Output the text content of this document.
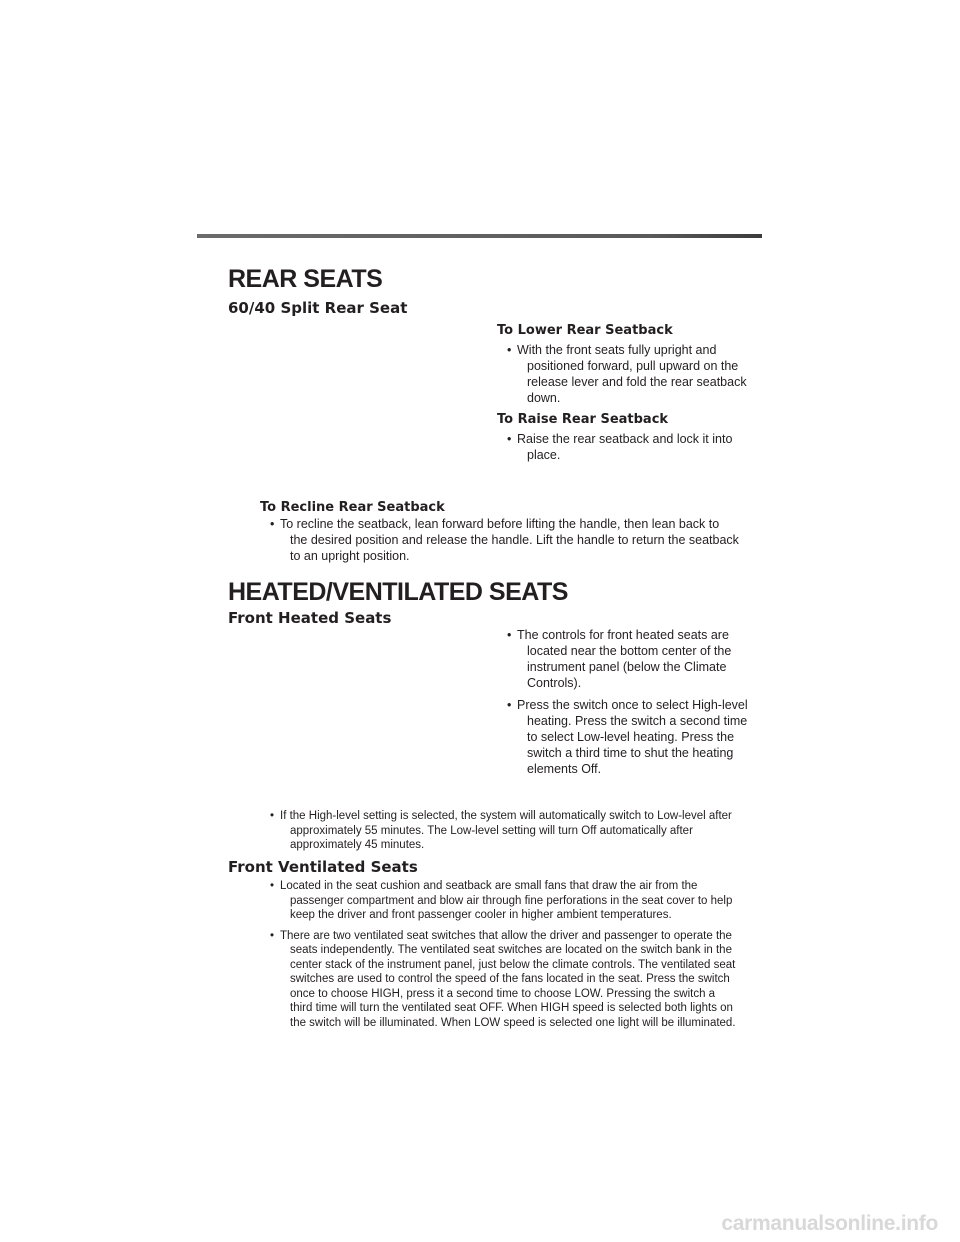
REAR SEATS
60/40 Split Rear Seat
To Lower Rear Seatback
• With the front seats fully upright and positioned forward, pull upward on the release lever and fold the rear seatback down.
To Raise Rear Seatback
• Raise the rear seatback and lock it into place.
To Recline Rear Seatback
• To recline the seatback, lean forward before lifting the handle, then lean back to the desired position and release the handle. Lift the handle to return the seatback to an upright position.
HEATED/VENTILATED SEATS
Front Heated Seats
• The controls for front heated seats are located near the bottom center of the instrument panel (below the Climate Controls).
• Press the switch once to select High-level heating. Press the switch a second time to select Low-level heating. Press the switch a third time to shut the heating elements Off.
• If the High-level setting is selected, the system will automatically switch to Low-level after approximately 55 minutes. The Low-level setting will turn Off automatically after approximately 45 minutes.
Front Ventilated Seats
• Located in the seat cushion and seatback are small fans that draw the air from the passenger compartment and blow air through fine perforations in the seat cover to help keep the driver and front passenger cooler in higher ambient temperatures.
• There are two ventilated seat switches that allow the driver and passenger to operate the seats independently. The ventilated seat switches are located on the switch bank in the center stack of the instrument panel, just below the climate controls. The ventilated seat switches are used to control the speed of the fans located in the seat. Press the switch once to choose HIGH, press it a second time to choose LOW. Pressing the switch a third time will turn the ventilated seat OFF. When HIGH speed is selected both lights on the switch will be illuminated. When LOW speed is selected one light will be illuminated.
carmanualsonline.info
